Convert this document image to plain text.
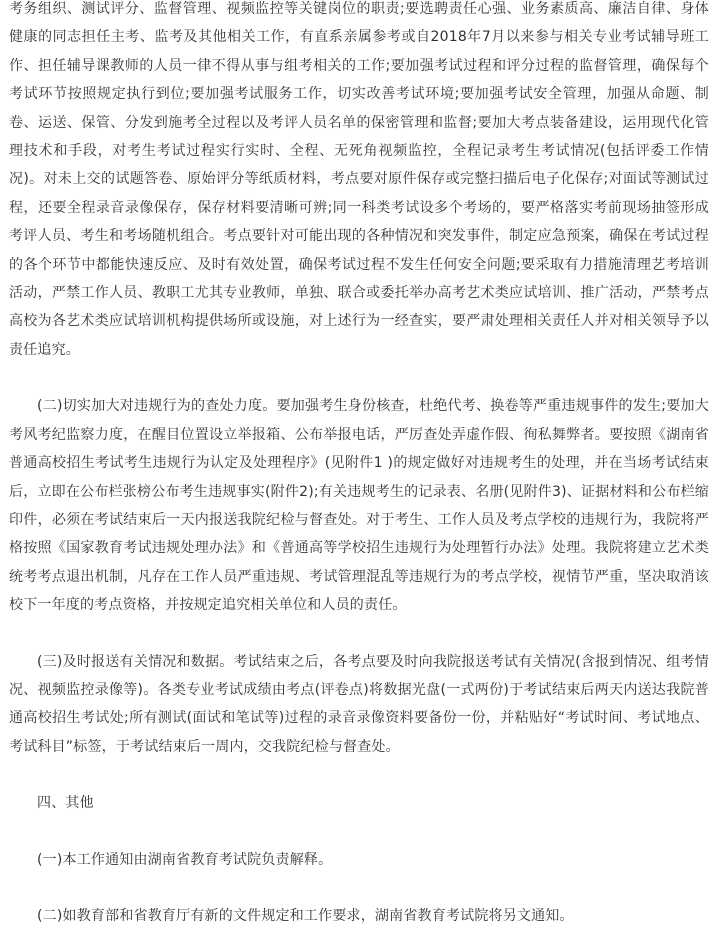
考务组织、测试评分、监督管理、视频监控等关键岗位的职责;要选聘责任心强、业务素质高、廉洁自律、身体健康的同志担任主考、监考及其他相关工作，有直系亲属参考或自2018年7月以来参与相关专业考试辅导班工作、担任辅导课教师的人员一律不得从事与组考相关的工作;要加强考试过程和评分过程的监督管理，确保每个考试环节按照规定执行到位;要加强考试服务工作，切实改善考试环境;要加强考试安全管理，加强从命题、制卷、运送、保管、分发到施考全过程以及考评人员名单的保密管理和监督;要加大考点装备建设，运用现代化管理技术和手段，对考生考试过程实行实时、全程、无死角视频监控，全程记录考生考试情况(包括评委工作情况)。对未上交的试题答卷、原始评分等纸质材料，考点要对原件保存或完整扫描后电子化保存;对面试等测试过程，还要全程录音录像保存，保存材料要清晰可辨;同一科类考试设多个考场的，要严格落实考前现场抽签形成考评人员、考生和考场随机组合。考点要针对可能出现的各种情况和突发事件，制定应急预案，确保在考试过程的各个环节中都能快速反应、及时有效处置，确保考试过程不发生任何安全问题;要采取有力措施清理艺考培训活动，严禁工作人员、教职工尤其专业教师，单独、联合或委托举办高考艺术类应试培训、推广活动，严禁考点高校为各艺术类应试培训机构提供场所或设施，对上述行为一经查实，要严肃处理相关责任人并对相关领导予以责任追究。

(二)切实加大对违规行为的查处力度。要加强考生身份核查，杜绝代考、换卷等严重违规事件的发生;要加大考风考纪监察力度，在醒目位置设立举报箱、公布举报电话，严厉查处弄虚作假、徇私舞弊者。要按照《湖南省普通高校招生考试考生违规行为认定及处理程序》(见附件1 )的规定做好对违规考生的处理，并在当场考试结束后，立即在公布栏张榜公布考生违规事实(附件2);有关违规考生的记录表、名册(见附件3)、证据材料和公布栏缩印件，必须在考试结束后一天内报送我院纪检与督查处。对于考生、工作人员及考点学校的违规行为，我院将严格按照《国家教育考试违规处理办法》和《普通高等学校招生违规行为处理暂行办法》处理。我院将建立艺术类统考考点退出机制，凡存在工作人员严重违规、考试管理混乱等违规行为的考点学校，视情节严重，坚决取消该校下一年度的考点资格，并按规定追究相关单位和人员的责任。

(三)及时报送有关情况和数据。考试结束之后，各考点要及时向我院报送考试有关情况(含报到情况、组考情况、视频监控录像等)。各类专业考试成绩由考点(评卷点)将数据光盘(一式两份)于考试结束后两天内送达我院普通高校招生考试处;所有测试(面试和笔试等)过程的录音录像资料要备份一份，并粘贴好“考试时间、考试地点、考试科目”标签，于考试结束后一周内，交我院纪检与督查处。

四、其他

(一)本工作通知由湖南省教育考试院负责解释。

(二)如教育部和省教育厅有新的文件规定和工作要求，湖南省教育考试院将另文通知。
